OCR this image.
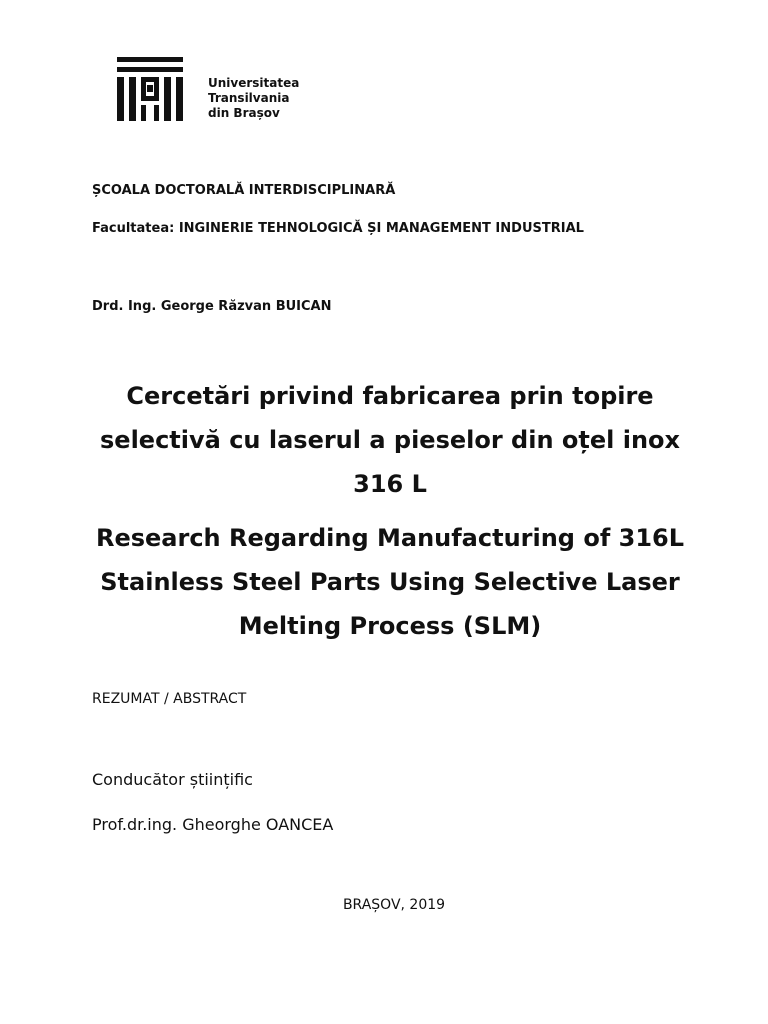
Universitatea
Transilvania
din Brașov
ȘCOALA DOCTORALĂ INTERDISCIPLINARĂ
Facultatea: INGINERIE TEHNOLOGICĂ ȘI MANAGEMENT INDUSTRIAL
Drd. Ing. George Răzvan BUICAN
Cercetări privind fabricarea prin topire
selectivă cu laserul a pieselor din oțel inox
316 L
Research Regarding Manufacturing of 316L
Stainless Steel Parts Using Selective Laser
Melting Process (SLM)
REZUMAT / ABSTRACT
Conducător științific
Prof.dr.ing. Gheorghe OANCEA
BRAȘOV, 2019
